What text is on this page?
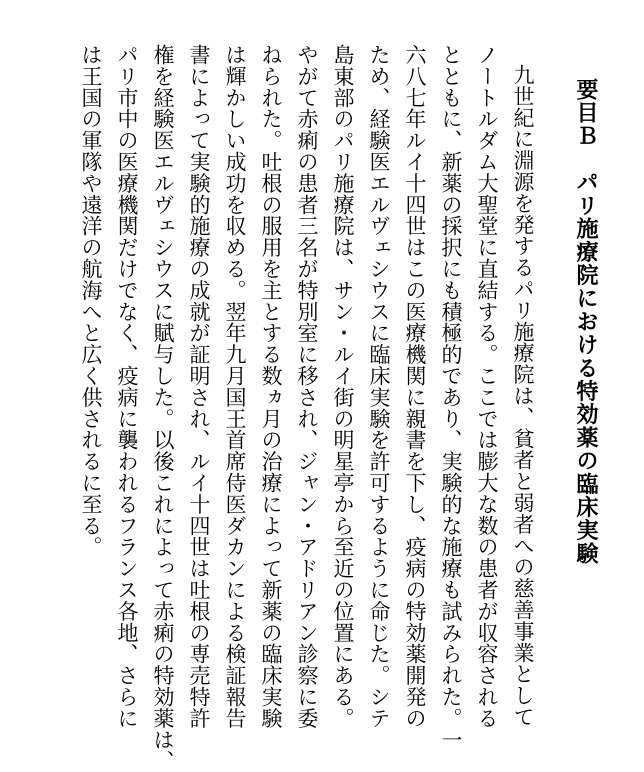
要目Ｂ　パリ施療院における特効薬の臨床実験

九世紀に淵源を発するパリ施療院は、貧者と弱者への慈善事業として

ノートルダム大聖堂に直結する。ここでは膨大な数の患者が収容される

とともに、新薬の採択にも積極的であり、実験的な施療も試みられた。一

六八七年ルイ十四世はこの医療機関に親書を下し、疫病の特効薬開発の

ため、経験医エルヴェシウスに臨床実験を許可するように命じた。シテ

島東部のパリ施療院は、サン・ルイ街の明星亭から至近の位置にある。

やがて赤痢の患者三名が特別室に移され、ジャン・アドリアン診察に委

ねられた。吐根の服用を主とする数ヵ月の治療によって新薬の臨床実験

は輝かしい成功を収める。翌年九月国王首席侍医ダカンによる検証報告

書によって実験的施療の成就が証明され、ルイ十四世は吐根の専売特許

権を経験医エルヴェシウスに賦与した。以後これによって赤痢の特効薬は、

パリ市中の医療機関だけでなく、疫病に襲われるフランス各地、さらに

は王国の軍隊や遠洋の航海へと広く供されるに至る。
